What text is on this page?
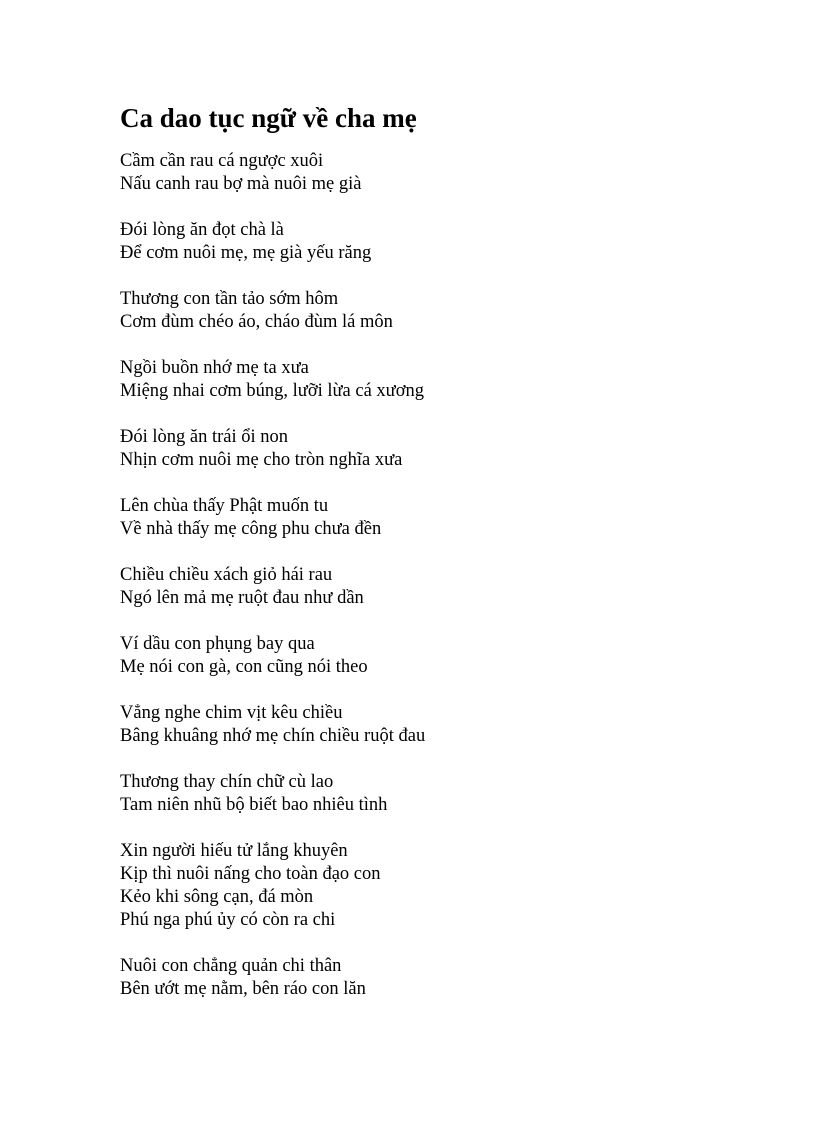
Ca dao tục ngữ về cha mẹ
Cầm cần rau cá ngược xuôi
Nấu canh rau bợ mà nuôi mẹ già
Đói lòng ăn đọt chà là
Để cơm nuôi mẹ, mẹ già yếu răng
Thương con tần tảo sớm hôm
Cơm đùm chéo áo, cháo đùm lá môn
Ngồi buồn nhớ mẹ ta xưa
Miệng nhai cơm búng, lưỡi lừa cá xương
Đói lòng ăn trái ổi non
Nhịn cơm nuôi mẹ cho tròn nghĩa xưa
Lên chùa thấy Phật muốn tu
Về nhà thấy mẹ công phu chưa đền
Chiều chiều xách giỏ hái rau
Ngó lên mả mẹ ruột đau như dần
Ví dầu con phụng bay qua
Mẹ nói con gà, con cũng nói theo
Vẳng nghe chim vịt kêu chiều
Bâng khuâng nhớ mẹ chín chiều ruột đau
Thương thay chín chữ cù lao
Tam niên nhũ bộ biết bao nhiêu tình
Xin người hiếu tử lắng khuyên
Kịp thì nuôi nấng cho toàn đạo con
Kẻo khi sông cạn, đá mòn
Phú nga phú ủy có còn ra chi
Nuôi con chẳng quản chi thân
Bên ướt mẹ nằm, bên ráo con lăn
